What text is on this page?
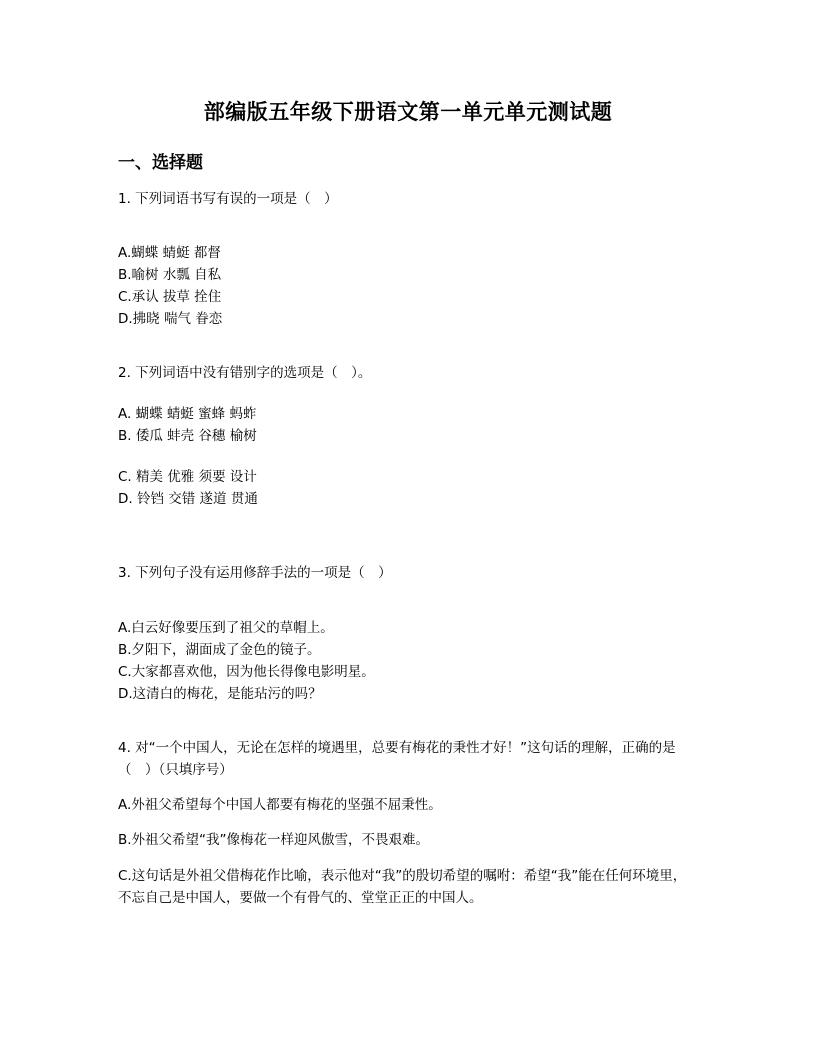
部编版五年级下册语文第一单元单元测试题
一、选择题
1. 下列词语书写有误的一项是（　）
A.蝴蝶 蜻蜓 都督
B.喻树 水瓢 自私
C.承认 拔草 拴住
D.拂晓 喘气 眷恋
2. 下列词语中没有错别字的选项是（　）。
A. 蝴蝶 蜻蜓 蜜蜂 蚂蚱
B. 倭瓜 蚌壳 谷穗 榆树
C. 精美 优雅 须要 设计
D. 铃铛 交错 遂道 贯通
3. 下列句子没有运用修辞手法的一项是（　）
A.白云好像要压到了祖父的草帽上。
B.夕阳下，湖面成了金色的镜子。
C.大家都喜欢他，因为他长得像电影明星。
D.这清白的梅花，是能玷污的吗？
4. 对“一个中国人，无论在怎样的境遇里，总要有梅花的秉性才好！”这句话的理解，正确的是（　）（只填序号）
A.外祖父希望每个中国人都要有梅花的坚强不屈秉性。
B.外祖父希望“我”像梅花一样迎风傲雪，不畏艰难。
C.这句话是外祖父借梅花作比喻，表示他对“我”的殷切希望的嘱咐：希望“我”能在任何环境里，不忘自己是中国人，要做一个有骨气的、堂堂正正的中国人。
